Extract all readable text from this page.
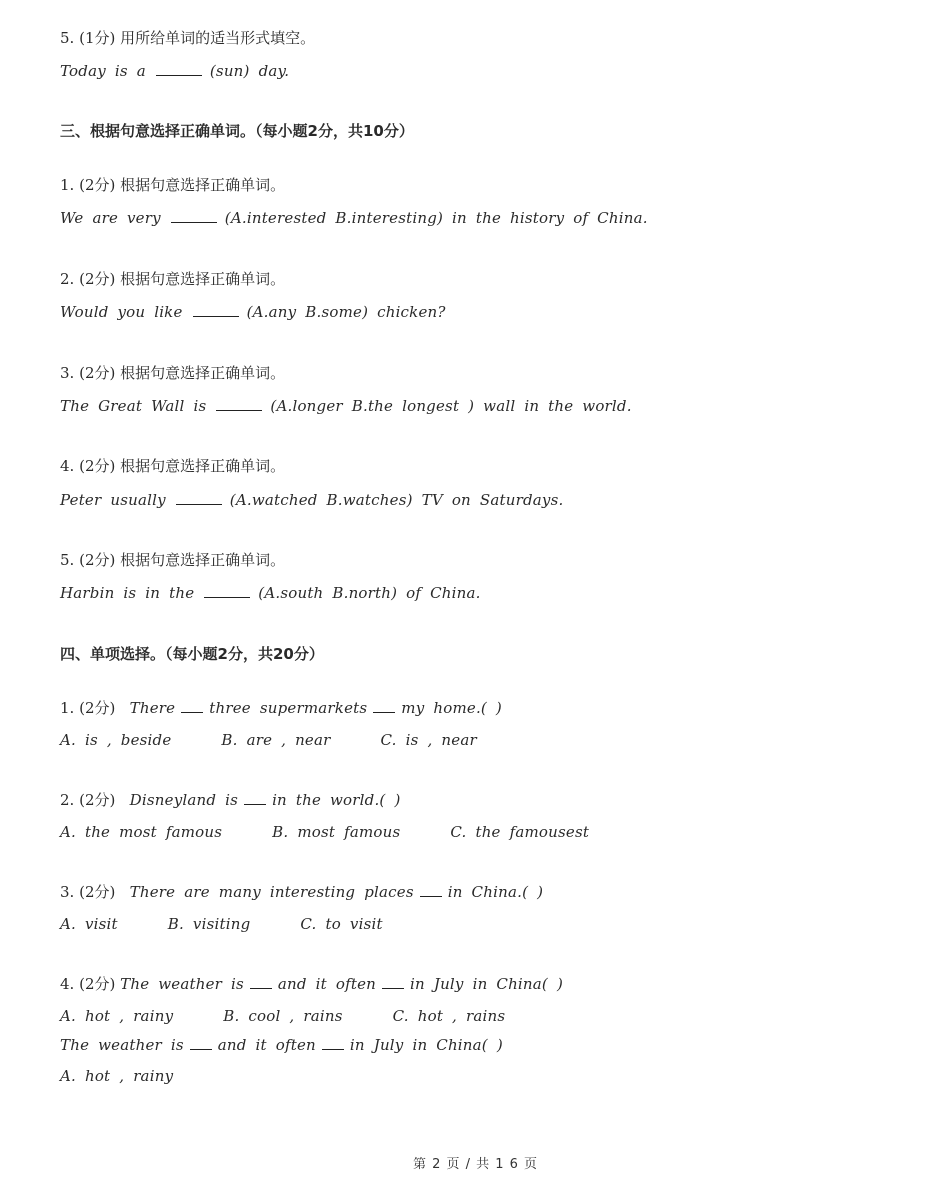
5. (1分) 用所给单词的适当形式填空。

Today is a	(sun) day.

三、根据句意选择正确单词。（每小题2分，共10分）

1. (2分) 根据句意选择正确单词。

We are very	(A.interested B.interesting) in the history of China.

2. (2分) 根据句意选择正确单词。

Would you like	(A.any B.some) chicken?

3. (2分) 根据句意选择正确单词。

The Great Wall is	(A.longer B.the longest ) wall in the world.

4. (2分) 根据句意选择正确单词。

Peter usually	(A.watched B.watches) TV on Saturdays.

5. (2分) 根据句意选择正确单词。

Harbin is in the	(A.south B.north) of China.

四、单项选择。（每小题2分，共20分）

1. (2分) There three supermarkets my home.( )

A. is , beside	B. are , near	C. is , near

2. (2分) Disneyland is in the world.( )

A. the most famous	B. most famous	C. the famousest

3. (2分) There are many interesting places in China.( )

A. visit	B. visiting	C. to visit

4. (2分) The weather is and it often in July in China( )

A. hot , rainy	B. cool , rains	C. hot , rains

The weather is and it often in July in China( )

A. hot , rainy

第 2 页 / 共 1 6 页
